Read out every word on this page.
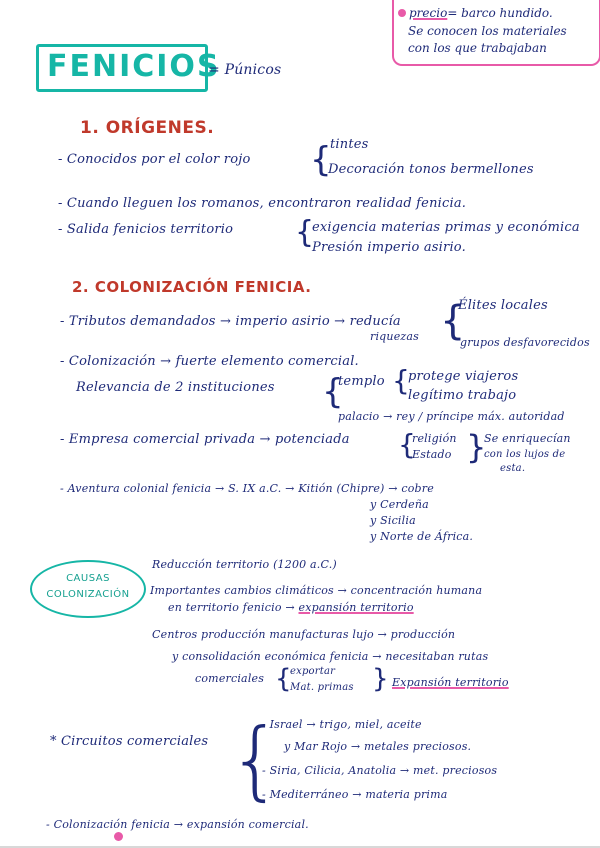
precio= barco hundido.
Se conocen los materiales
con los que trabajaban
FENICIOS
= Púnicos
1. ORÍGENES.
- Conocidos por el color rojo {
tintes
Decoración tonos bermellones
- Cuando lleguen los romanos, encontraron realidad fenicia.
- Salida fenicios territorio {
exigencia materias primas y económica
Presión imperio asirio.
2. COLONIZACIÓN FENICIA.
- Tributos demandados → imperio asirio → reducía
riquezas {
Élites locales
grupos desfavorecidos
- Colonización → fuerte elemento comercial.
Relevancia de 2 instituciones {
templo {
protege viajeros
legítimo trabajo
palacio → rey / príncipe máx. autoridad
- Empresa comercial privada → potenciada {
religión
Estado }
Se enriquecían
con los lujos de
esta.
- Aventura colonial fenicia → S. IX a.C. → Kitión (Chipre) → cobre
y Cerdeña
y Sicilia
y Norte de África.
CAUSAS
COLONIZACIÓN
Reducción territorio (1200 a.C.)
Importantes cambios climáticos → concentración humana
en territorio fenicio → expansión territorio
Centros producción manufacturas lujo → producción
y consolidación económica fenicia → necesitaban rutas
comerciales {
exportar
Mat. primas } Expansión territorio
* Circuitos comerciales {
- Israel → trigo, miel, aceite
y Mar Rojo → metales preciosos.
- Siria, Cilicia, Anatolia → met. preciosos
- Mediterráneo → materia prima
- Colonización fenicia → expansión comercial.
